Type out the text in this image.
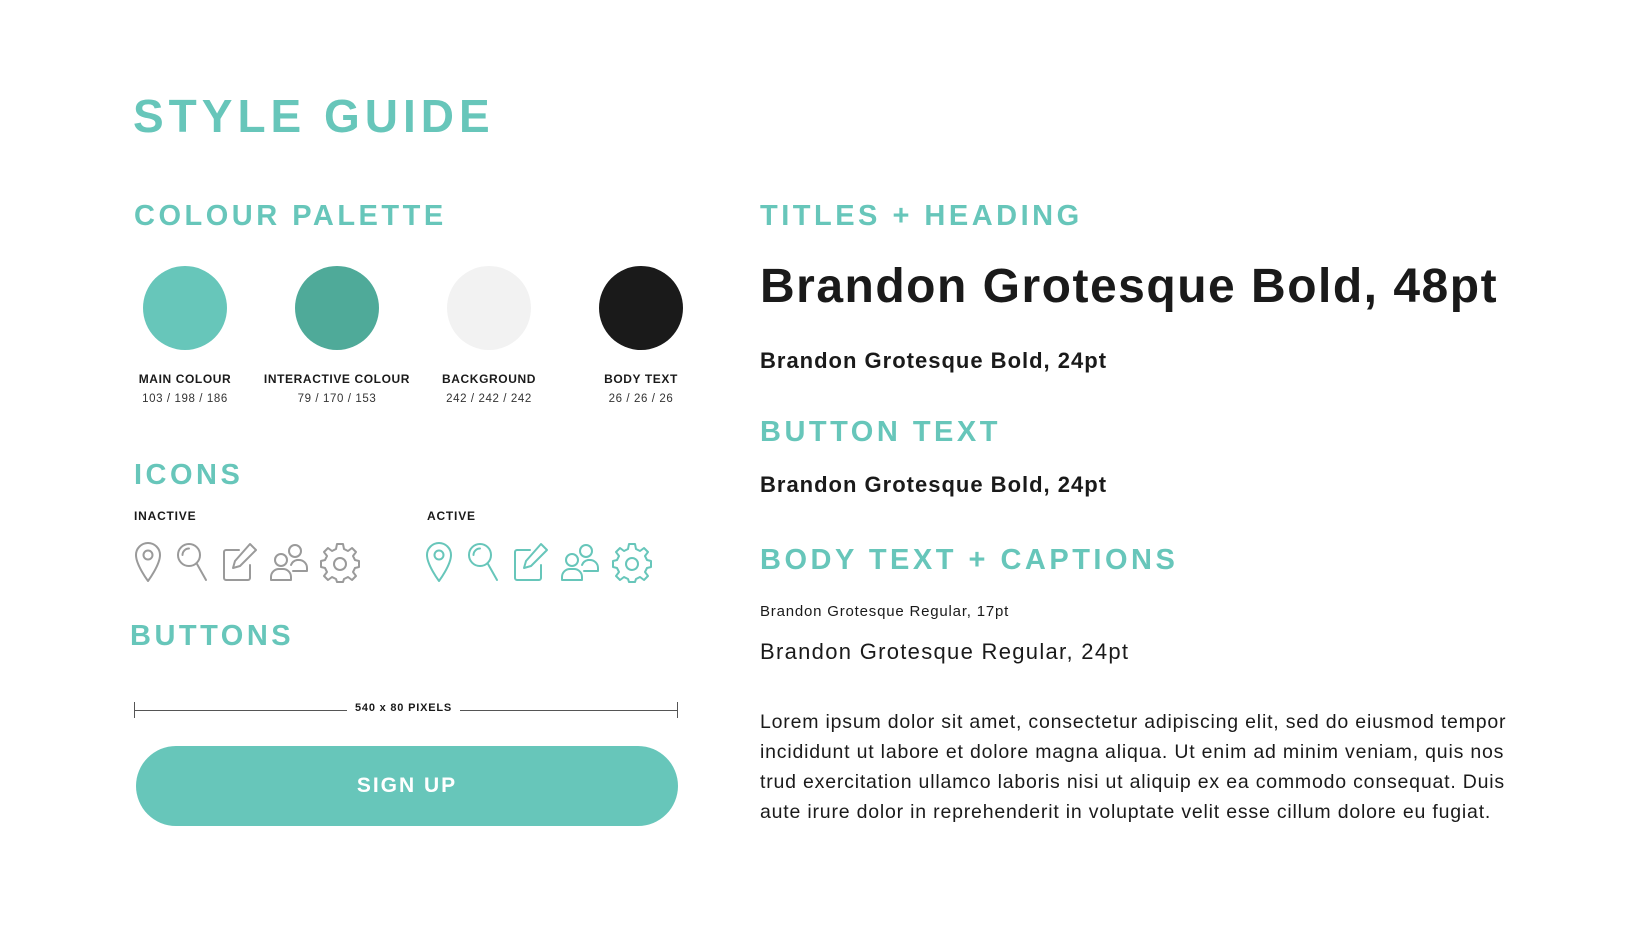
STYLE GUIDE
COLOUR PALETTE
MAIN COLOUR	INTERACTIVE COLOUR	BACKGROUND	BODY TEXT
103 / 198 / 186	79 / 170 / 153	242 / 242 / 242	26 / 26 / 26
ICONS
INACTIVE	ACTIVE
BUTTONS
540 x 80 PIXELS
SIGN UP
TITLES + HEADING
Brandon Grotesque Bold, 48pt
Brandon Grotesque Bold, 24pt
BUTTON TEXT
Brandon Grotesque Bold, 24pt
BODY TEXT + CAPTIONS
Brandon Grotesque Regular, 17pt
Brandon Grotesque Regular, 24pt

Lorem ipsum dolor sit amet, consectetur adipiscing elit, sed do eiusmod tempor incididunt ut labore et dolore magna aliqua. Ut enim ad minim veniam, quis nos trud exercitation ullamco laboris nisi ut aliquip ex ea commodo consequat. Duis aute irure dolor in reprehenderit in voluptate velit esse cillum dolore eu fugiat.
